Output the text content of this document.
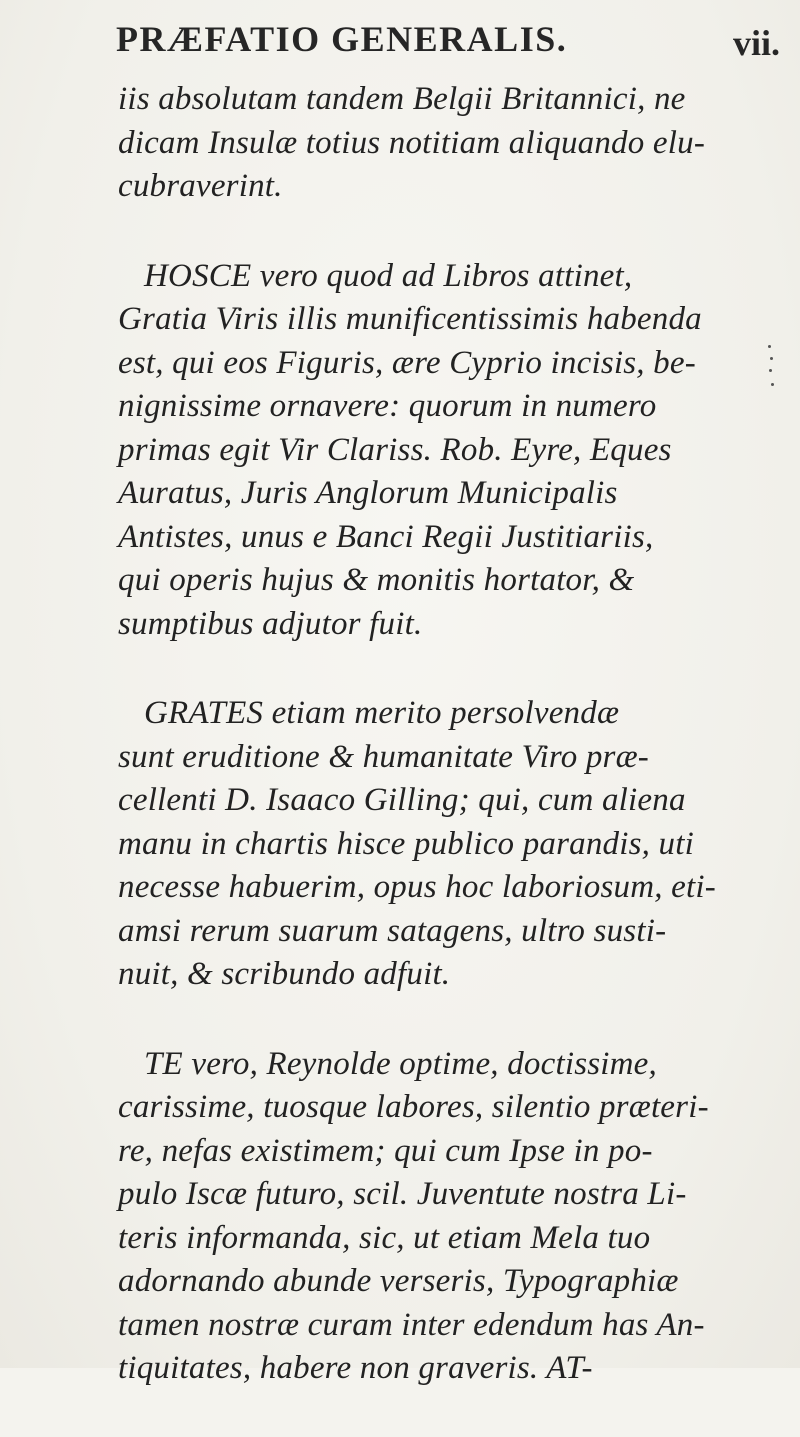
PRÆFATIO GENERALIS.	vii.

iis absolutam tandem Belgii Britannici, ne
dicam Insulæ totius notitiam aliquando elu-
cubraverint.

HOSCE vero quod ad Libros attinet,
Gratia Viris illis munificentissimis habenda
est, qui eos Figuris, ære Cyprio incisis, be-
nignissime ornavere: quorum in numero
primas egit Vir Clariss. Rob. Eyre, Eques
Auratus, Juris Anglorum Municipalis
Antistes, unus e Banci Regii Justitiariis,
qui operis hujus & monitis hortator, &
sumptibus adjutor fuit.

GRATES etiam merito persolvendæ
sunt eruditione & humanitate Viro præ-
cellenti D. Isaaco Gilling; qui, cum aliena
manu in chartis hisce publico parandis, uti
necesse habuerim, opus hoc laboriosum, eti-
amsi rerum suarum satagens, ultro susti-
nuit, & scribundo adfuit.

TE vero, Reynolde optime, doctissime,
carissime, tuosque labores, silentio præteri-
re, nefas existimem; qui cum Ipse in po-
pulo Iscæ futuro, scil. Juventute nostra Li-
teris informanda, sic, ut etiam Mela tuo
adornando abunde verseris, Typographiæ
tamen nostræ curam inter edendum has An-
tiquitates, habere non graveris. AT-
